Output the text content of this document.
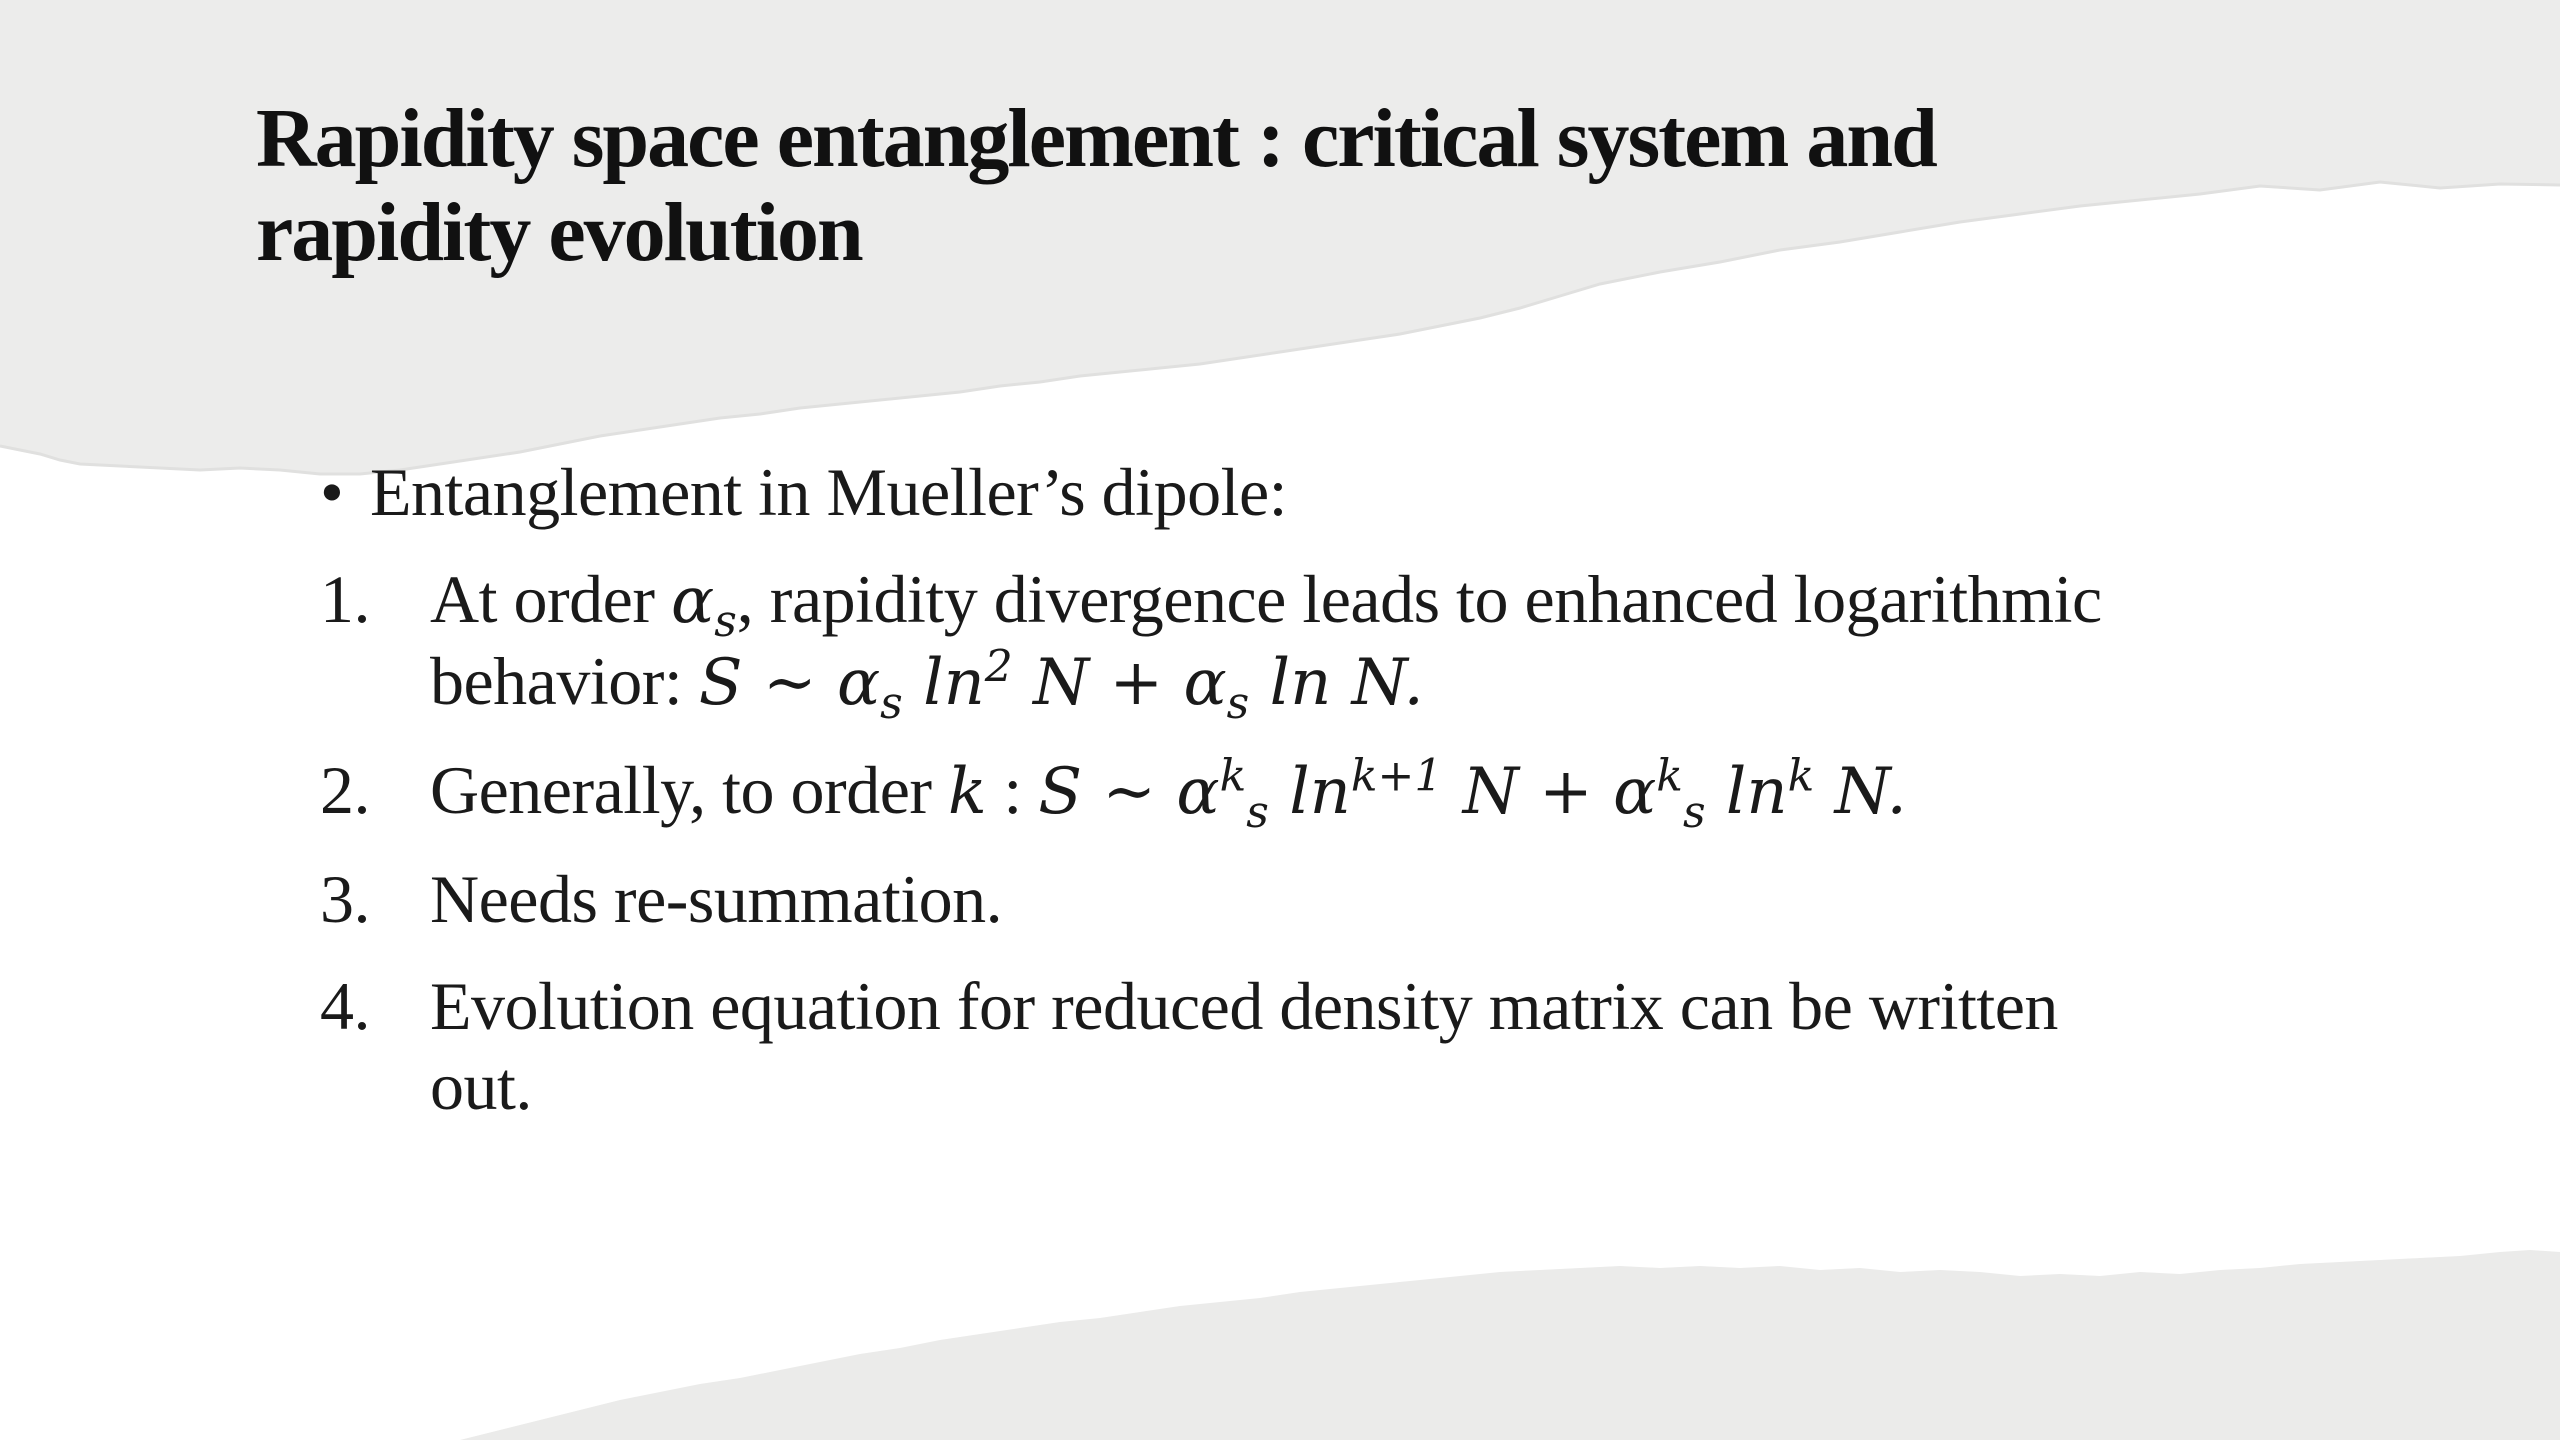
Rapidity space entanglement : critical system and rapidity evolution
• Entanglement in Mueller’s dipole:
1. At order $\alpha_s$, rapidity divergence leads to enhanced logarithmic behavior: S ∼ $\alpha_s$ $\ln^2 N + \alpha_s$ ln N.
2. Generally, to order k : S ∼ $\alpha^k_s$ $\ln^{k+1} N + \alpha^k_s$ $\ln^k N$.
3. Needs re-summation.
4. Evolution equation for reduced density matrix can be written out.
